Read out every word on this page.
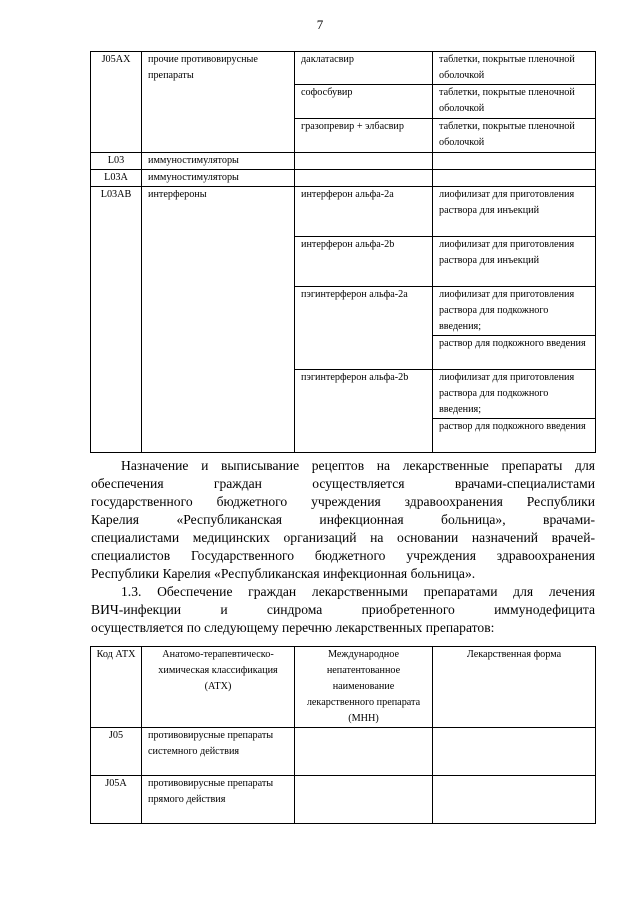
7
J05AX	прочие противовирусные препараты	даклатасвир	таблетки, покрытые пленочной оболочкой
		софосбувир	таблетки, покрытые пленочной оболочкой
		гразопревир + элбасвир	таблетки, покрытые пленочной оболочкой
L03	иммуностимуляторы		
L03A	иммуностимуляторы		
L03AB	интерфероны	интерферон альфа-2а	лиофилизат для приготовления раствора для инъекций
		интерферон альфа-2b	лиофилизат для приготовления раствора для инъекций
		пэгинтерферон альфа-2а	лиофилизат для приготовления раствора для подкожного введения;
			раствор для подкожного введения
		пэгинтерферон альфа-2b	лиофилизат для приготовления раствора для подкожного введения;
			раствор для подкожного введения
Назначение и выписывание рецептов на лекарственные препараты для
обеспечения граждан осуществляется врачами-специалистами
государственного бюджетного учреждения здравоохранения Республики
Карелия «Республиканская инфекционная больница», врачами-
специалистами медицинских организаций на основании назначений врачей-
специалистов Государственного бюджетного учреждения здравоохранения
Республики Карелия «Республиканская инфекционная больница».
1.3. Обеспечение граждан лекарственными препаратами для лечения
ВИЧ-инфекции и синдрома приобретенного иммунодефицита
осуществляется по следующему перечню лекарственных препаратов:
Код АТХ	Анатомо-терапевтическо-химическая классификация (АТХ)	Международное непатентованное наименование лекарственного препарата (МНН)	Лекарственная форма
J05	противовирусные препараты системного действия		
J05A	противовирусные препараты прямого действия		
